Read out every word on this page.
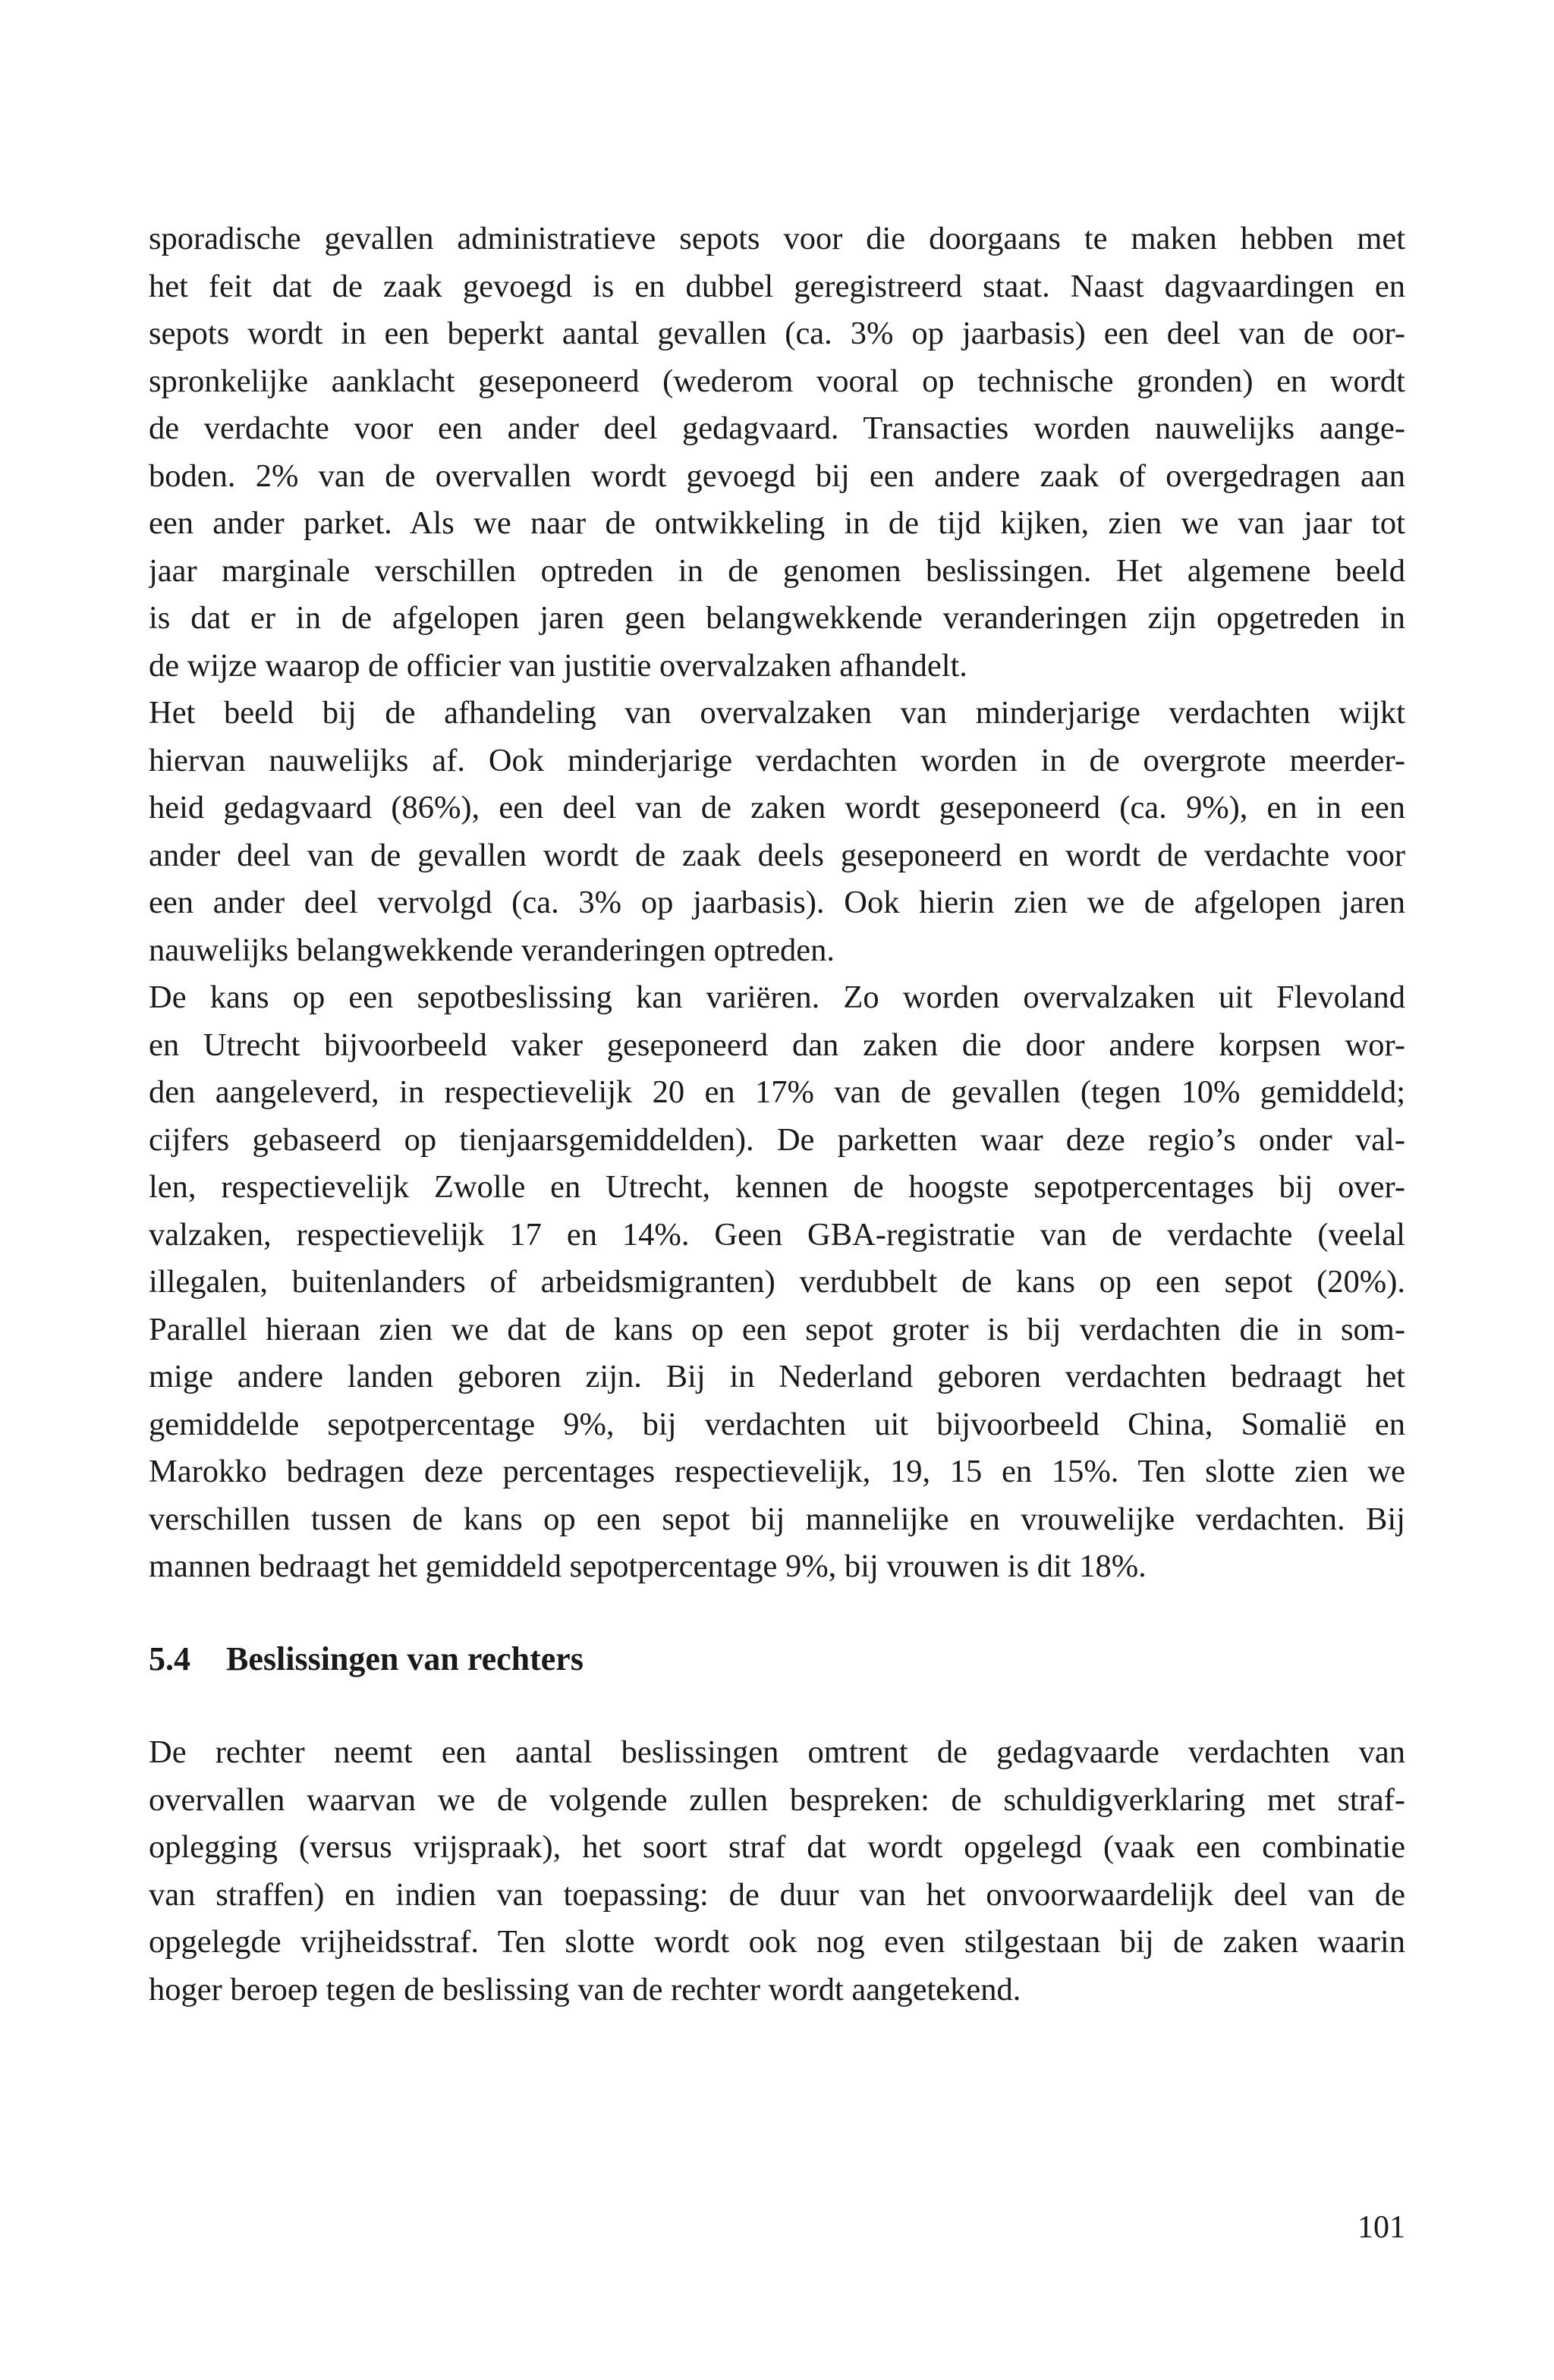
sporadische gevallen administratieve sepots voor die doorgaans te maken hebben met
het feit dat de zaak gevoegd is en dubbel geregistreerd staat. Naast dagvaardingen en
sepots wordt in een beperkt aantal gevallen (ca. 3% op jaarbasis) een deel van de oor-
spronkelijke aanklacht geseponeerd (wederom vooral op technische gronden) en wordt
de verdachte voor een ander deel gedagvaard. Transacties worden nauwelijks aange-
boden. 2% van de overvallen wordt gevoegd bij een andere zaak of overgedragen aan
een ander parket. Als we naar de ontwikkeling in de tijd kijken, zien we van jaar tot
jaar marginale verschillen optreden in de genomen beslissingen. Het algemene beeld
is dat er in de afgelopen jaren geen belangwekkende veranderingen zijn opgetreden in
de wijze waarop de officier van justitie overvalzaken afhandelt.
Het beeld bij de afhandeling van overvalzaken van minderjarige verdachten wijkt
hiervan nauwelijks af. Ook minderjarige verdachten worden in de overgrote meerder-
heid gedagvaard (86%), een deel van de zaken wordt geseponeerd (ca. 9%), en in een
ander deel van de gevallen wordt de zaak deels geseponeerd en wordt de verdachte voor
een ander deel vervolgd (ca. 3% op jaarbasis). Ook hierin zien we de afgelopen jaren
nauwelijks belangwekkende veranderingen optreden.
De kans op een sepotbeslissing kan variëren. Zo worden overvalzaken uit Flevoland
en Utrecht bijvoorbeeld vaker geseponeerd dan zaken die door andere korpsen wor-
den aangeleverd, in respectievelijk 20 en 17% van de gevallen (tegen 10% gemiddeld;
cijfers gebaseerd op tienjaarsgemiddelden). De parketten waar deze regio’s onder val-
len, respectievelijk Zwolle en Utrecht, kennen de hoogste sepotpercentages bij over-
valzaken, respectievelijk 17 en 14%. Geen GBA-registratie van de verdachte (veelal
illegalen, buitenlanders of arbeidsmigranten) verdubbelt de kans op een sepot (20%).
Parallel hieraan zien we dat de kans op een sepot groter is bij verdachten die in som-
mige andere landen geboren zijn. Bij in Nederland geboren verdachten bedraagt het
gemiddelde sepotpercentage 9%, bij verdachten uit bijvoorbeeld China, Somalië en
Marokko bedragen deze percentages respectievelijk, 19, 15 en 15%. Ten slotte zien we
verschillen tussen de kans op een sepot bij mannelijke en vrouwelijke verdachten. Bij
mannen bedraagt het gemiddeld sepotpercentage 9%, bij vrouwen is dit 18%.
5.4 Beslissingen van rechters
De rechter neemt een aantal beslissingen omtrent de gedagvaarde verdachten van
overvallen waarvan we de volgende zullen bespreken: de schuldigverklaring met straf-
oplegging (versus vrijspraak), het soort straf dat wordt opgelegd (vaak een combinatie
van straffen) en indien van toepassing: de duur van het onvoorwaardelijk deel van de
opgelegde vrijheidsstraf. Ten slotte wordt ook nog even stilgestaan bij de zaken waarin
hoger beroep tegen de beslissing van de rechter wordt aangetekend.
101
